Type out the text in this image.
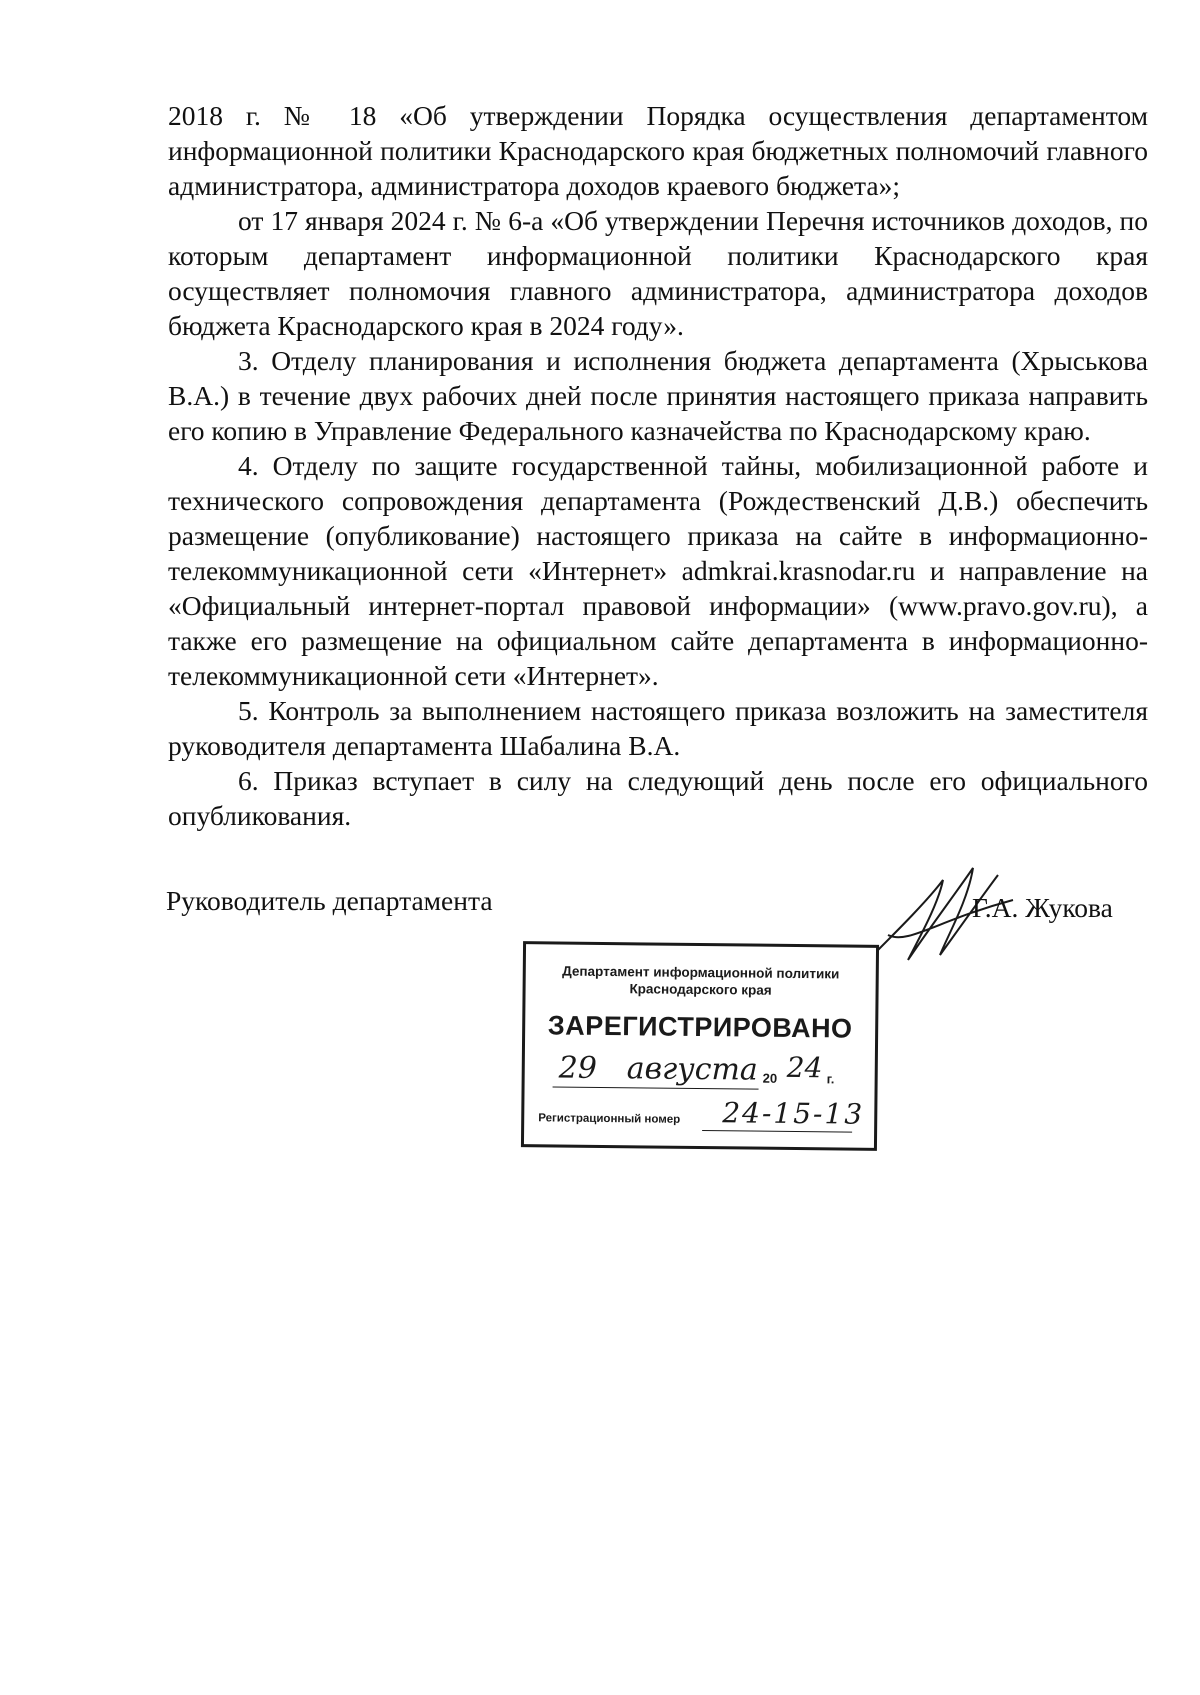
2018 г. № 18 «Об утверждении Порядка осуществления департаментом информационной политики Краснодарского края бюджетных полномочий главного администратора, администратора доходов краевого бюджета»;

от 17 января 2024 г. № 6-а «Об утверждении Перечня источников доходов, по которым департамент информационной политики Краснодарского края осуществляет полномочия главного администратора, администратора доходов бюджета Краснодарского края в 2024 году».

3. Отделу планирования и исполнения бюджета департамента (Хрыськова В.А.) в течение двух рабочих дней после принятия настоящего приказа направить его копию в Управление Федерального казначейства по Краснодарскому краю.

4. Отделу по защите государственной тайны, мобилизационной работе и технического сопровождения департамента (Рождественский Д.В.) обеспечить размещение (опубликование) настоящего приказа на сайте в информационно-телекоммуникационной сети «Интернет» admkrai.krasnodar.ru и направление на «Официальный интернет-портал правовой информации» (www.pravo.gov.ru), а также его размещение на официальном сайте департамента в информационно-телекоммуникационной сети «Интернет».

5. Контроль за выполнением настоящего приказа возложить на заместителя руководителя департамента Шабалина В.А.

6. Приказ вступает в силу на следующий день после его официального опубликования.

Руководитель департамента	Г.А. Жукова
Департамент информационной политики Краснодарского края
ЗАРЕГИСТРИРОВАНО
29 августа 20 24 г.
Регистрационный номер 24-15-13
